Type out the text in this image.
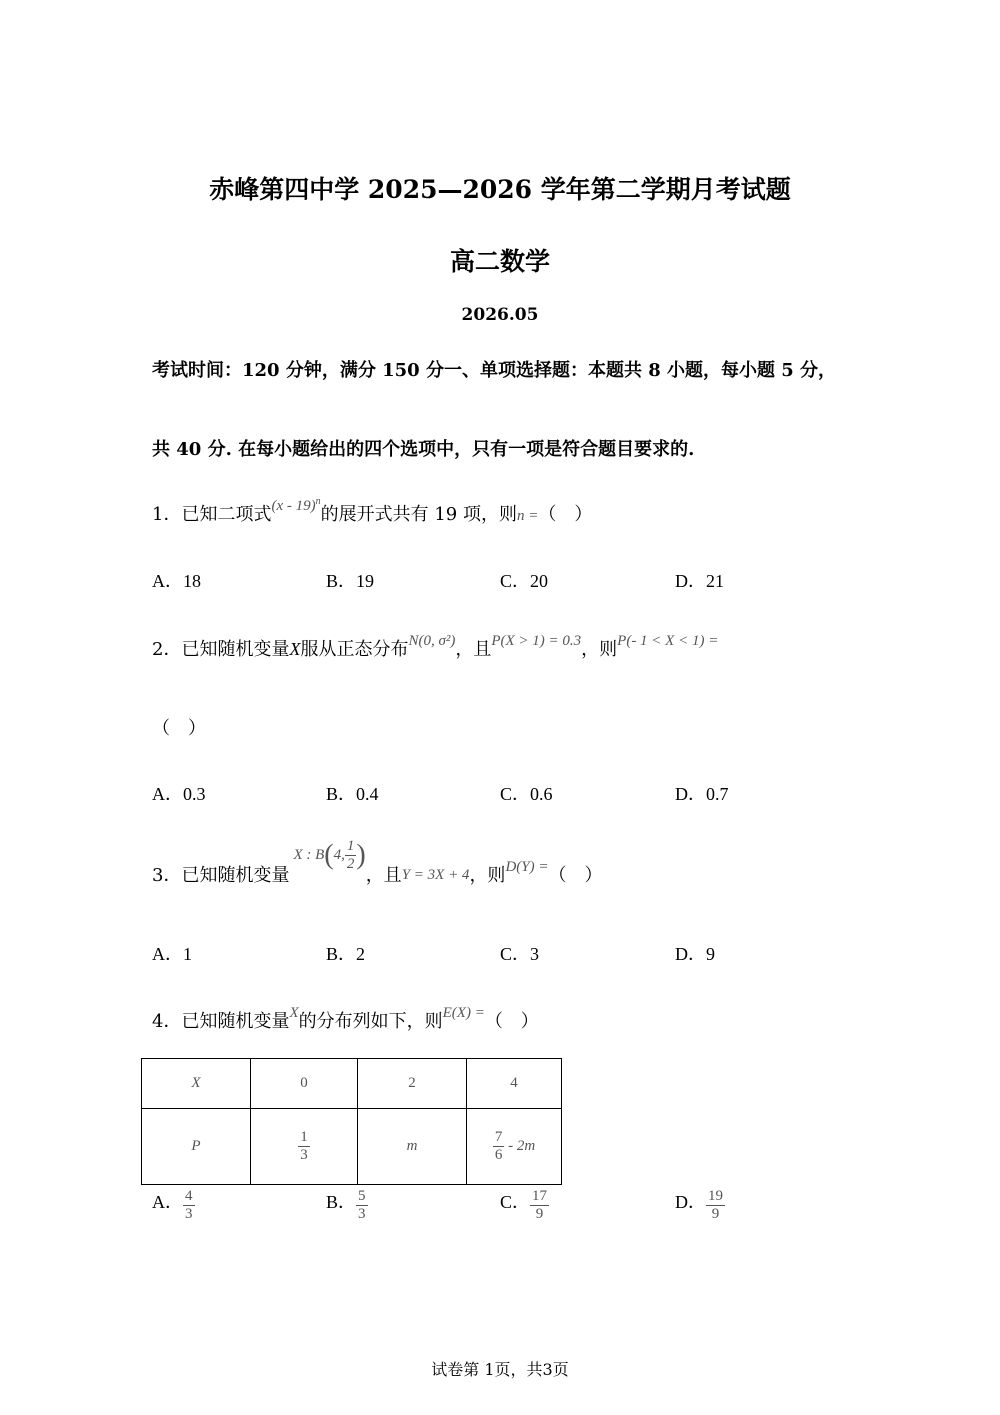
赤峰第四中学 2025—2026 学年第二学期月考试题
高二数学
2026.05
考试时间：120 分钟，满分 150 分一、单项选择题：本题共 8 小题，每小题 5 分，
共 40 分. 在每小题给出的四个选项中，只有一项是符合题目要求的.
1．已知二项式$^{(x - 19)^n}$的展开式共有 19 项，则n =（　）
A．18	B．19	C．20	D．21
2．已知随机变量X服从正态分布$^{N(0, \sigma^2)}$，且$^{P(X > 1) = 0.3}$，则$^{P(- 1 < X < 1) =}$
（　）
A．0.3	B．0.4	C．0.6	D．0.7
3．已知随机变量X : B(4, $\frac{1}{2}$ )，且Y = 3X + 4，则$^{D(Y) =}$（　）
A．1	B．2	C．3	D．9
4．已知随机变量$^X$的分布列如下，则$^{E(X) =}$（　）
X	0	2	4
P	$\frac{1}{3}$	m	$\frac{7}{6} - 2m$
A． $\frac{4}{3}$	B． $\frac{5}{3}$	C． $\frac{17}{9}$	D． $\frac{19}{9}$
试卷第 1页，共3页
